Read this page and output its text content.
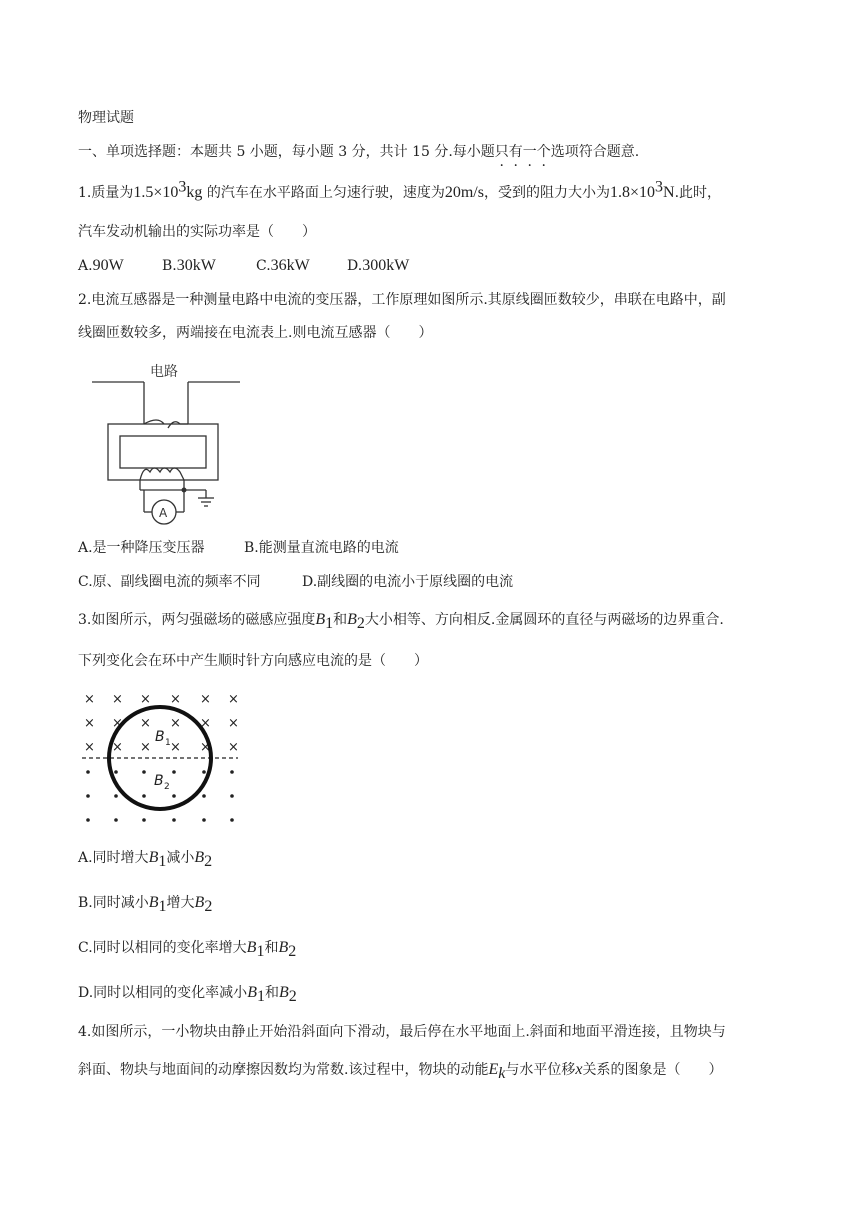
物理试题
一、单项选择题：本题共 5 小题，每小题 3 分，共计 15 分.每小题只有一个选项符合题意.
1.质量为$1.5\times 10^3kg$ 的汽车在水平路面上匀速行驶，速度为20m/s，受到的阻力大小为$1.8\times 10^3N$.此时，
汽车发动机输出的实际功率是（　　）
A.90W	B.30kW	C.36kW	D.300kW
2.电流互感器是一种测量电路中电流的变压器，工作原理如图所示.其原线圈匝数较少，串联在电路中，副
线圈匝数较多，两端接在电流表上.则电流互感器（　　）
电路
A
A.是一种降压变压器	B.能测量直流电路的电流
C.原、副线圈电流的频率不同	D.副线圈的电流小于原线圈的电流
3.如图所示，两匀强磁场的磁感应强度$B_1$和$B_2$大小相等、方向相反.金属圆环的直径与两磁场的边界重合.
下列变化会在环中产生顺时针方向感应电流的是（　　）
× × × × × ×
× × × × × ×
× × × × × ×
B 1
B 2
A.同时增大$B_1$减小$B_2$
B.同时减小$B_1$增大$B_2$
C.同时以相同的变化率增大$B_1$和$B_2$
D.同时以相同的变化率减小$B_1$和$B_2$
4.如图所示，一小物块由静止开始沿斜面向下滑动，最后停在水平地面上.斜面和地面平滑连接，且物块与
斜面、物块与地面间的动摩擦因数均为常数.该过程中，物块的动能$E_k$与水平位移x关系的图象是（　　）
